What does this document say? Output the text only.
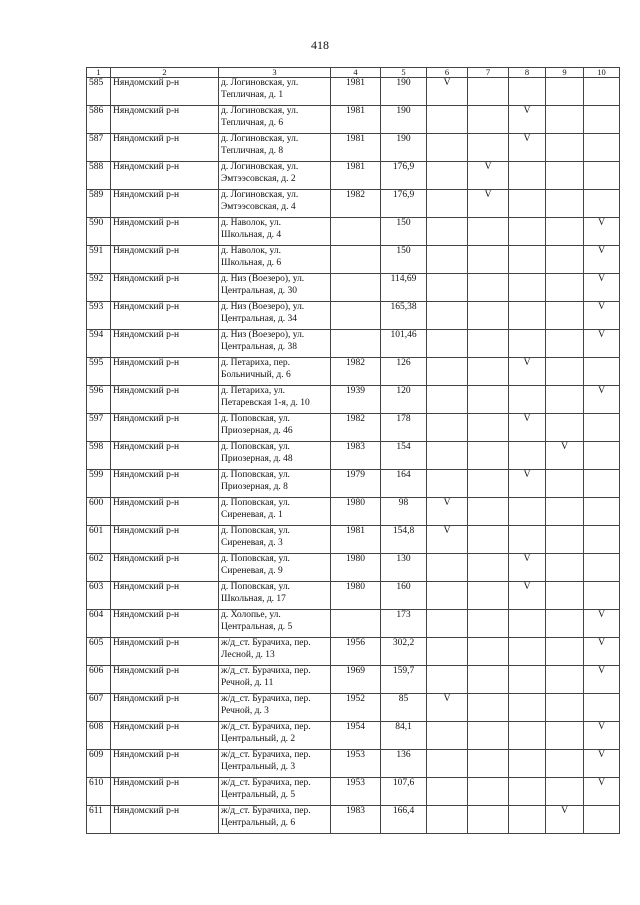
418
1	2	3	4	5	6	7	8	9	10
585	Няндомский р-н	д. Логиновская, ул.
Тепличная, д. 1	1981	190	V				
586	Няндомский р-н	д. Логиновская, ул.
Тепличная, д. 6	1981	190			V		
587	Няндомский р-н	д. Логиновская, ул.
Тепличная, д. 8	1981	190			V		
588	Няндомский р-н	д. Логиновская, ул.
Эмтээсовская, д. 2	1981	176,9		V			
589	Няндомский р-н	д. Логиновская, ул.
Эмтээсовская, д. 4	1982	176,9		V			
590	Няндомский р-н	д. Наволок, ул.
Школьная, д. 4		150					V
591	Няндомский р-н	д. Наволок, ул.
Школьная, д. 6		150					V
592	Няндомский р-н	д. Низ (Воезеро), ул.
Центральная, д. 30		114,69					V
593	Няндомский р-н	д. Низ (Воезеро), ул.
Центральная, д. 34		165,38					V
594	Няндомский р-н	д. Низ (Воезеро), ул.
Центральная, д. 38		101,46					V
595	Няндомский р-н	д. Петариха, пер.
Больничный, д. 6	1982	126			V		
596	Няндомский р-н	д. Петариха, ул.
Петаревская 1-я, д. 10	1939	120					V
597	Няндомский р-н	д. Поповская, ул.
Приозерная, д. 46	1982	178			V		
598	Няндомский р-н	д. Поповская, ул.
Приозерная, д. 48	1983	154				V	
599	Няндомский р-н	д. Поповская, ул.
Приозерная, д. 8	1979	164			V		
600	Няндомский р-н	д. Поповская, ул.
Сиреневая, д. 1	1980	98	V				
601	Няндомский р-н	д. Поповская, ул.
Сиреневая, д. 3	1981	154,8	V				
602	Няндомский р-н	д. Поповская, ул.
Сиреневая, д. 9	1980	130			V		
603	Няндомский р-н	д. Поповская, ул.
Школьная, д. 17	1980	160			V		
604	Няндомский р-н	д. Холопье, ул.
Центральная, д. 5		173					V
605	Няндомский р-н	ж/д_ст. Бурачиха, пер.
Лесной, д. 13	1956	302,2					V
606	Няндомский р-н	ж/д_ст. Бурачиха, пер.
Речной, д. 11	1969	159,7					V
607	Няндомский р-н	ж/д_ст. Бурачиха, пер.
Речной, д. 3	1952	85	V				
608	Няндомский р-н	ж/д_ст. Бурачиха, пер.
Центральный, д. 2	1954	84,1					V
609	Няндомский р-н	ж/д_ст. Бурачиха, пер.
Центральный, д. 3	1953	136					V
610	Няндомский р-н	ж/д_ст. Бурачиха, пер.
Центральный, д. 5	1953	107,6					V
611	Няндомский р-н	ж/д_ст. Бурачиха, пер.
Центральный, д. 6	1983	166,4				V	
